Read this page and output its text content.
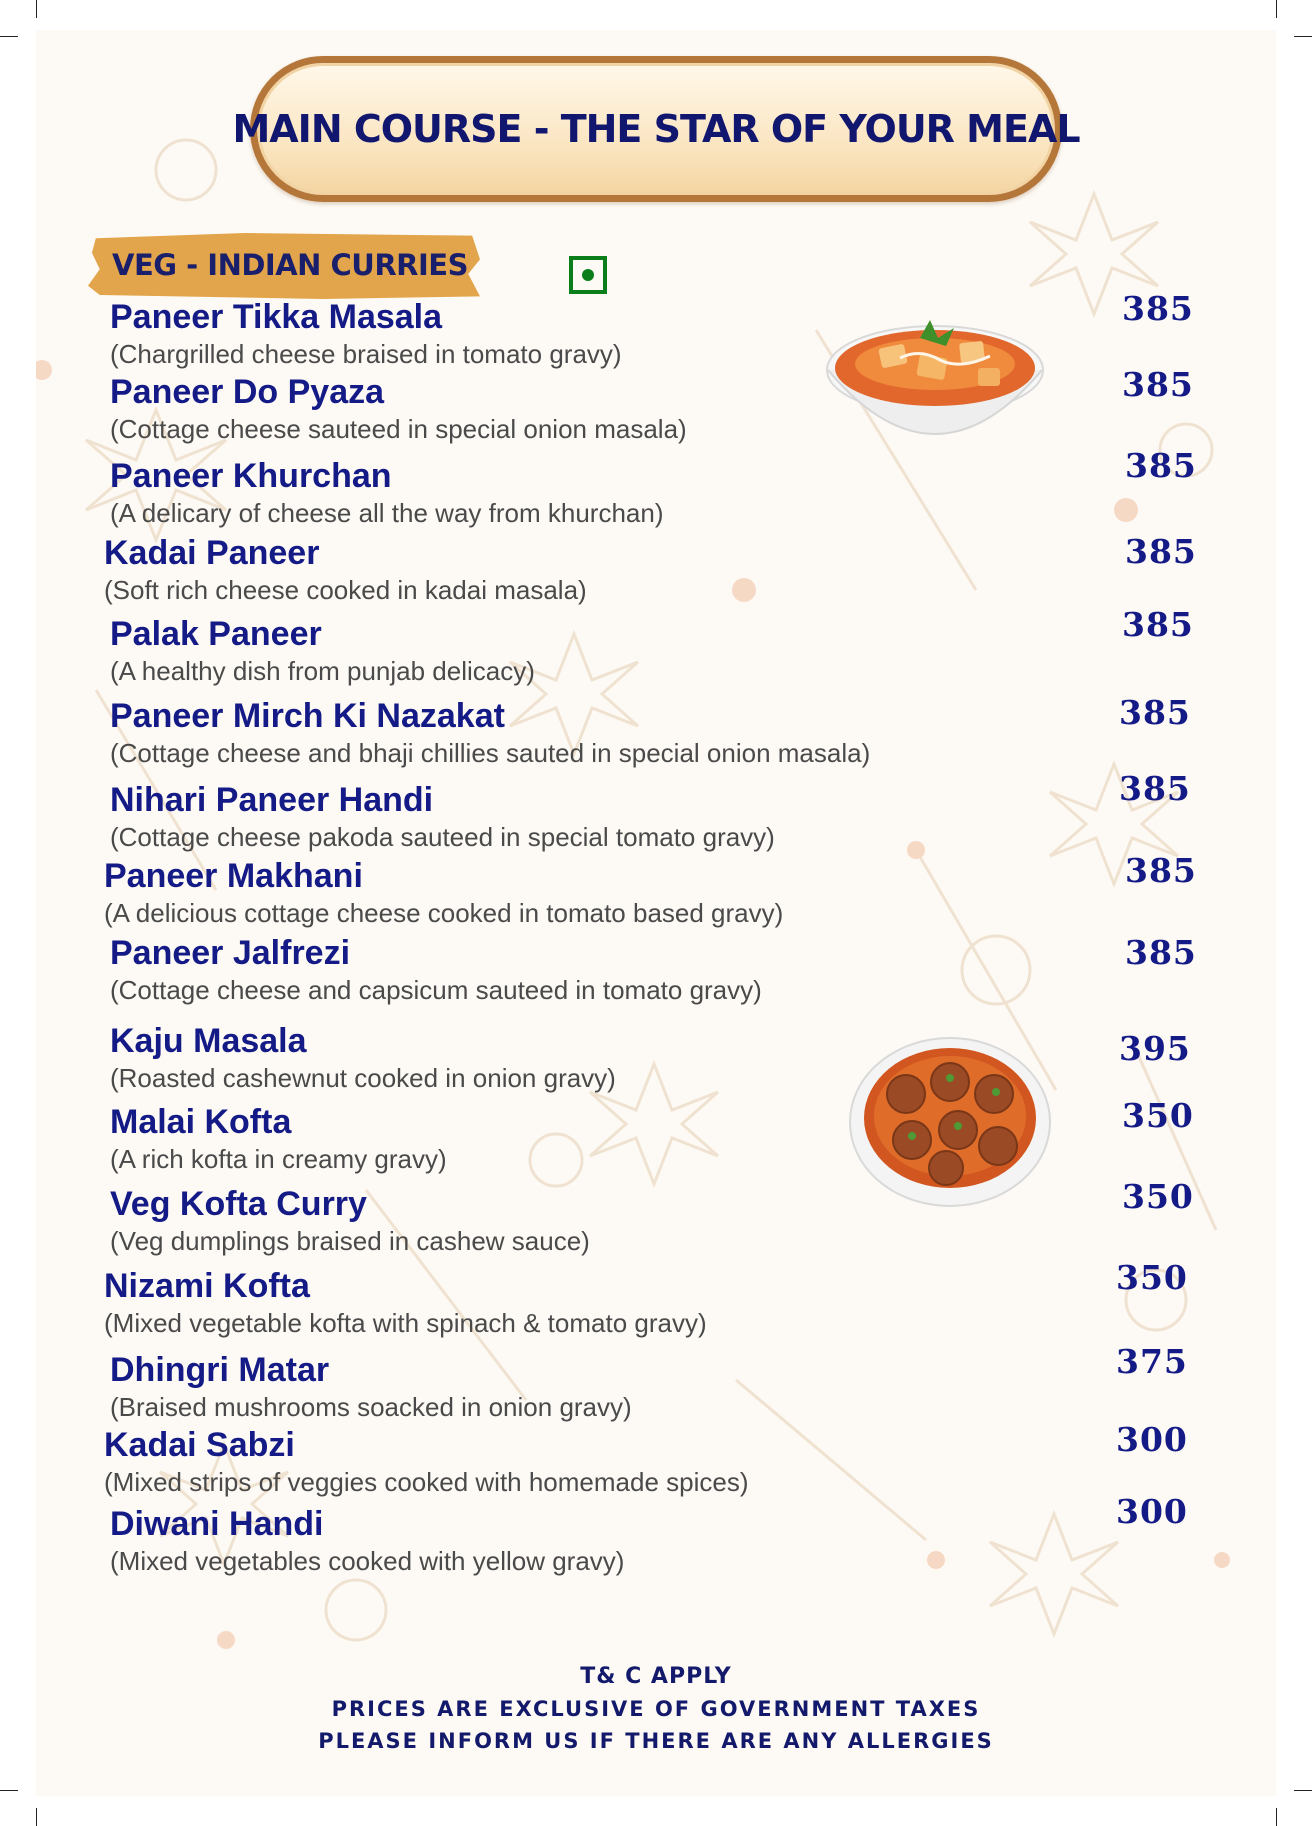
MAIN COURSE - THE STAR OF YOUR MEAL
VEG - INDIAN CURRIES
Paneer Tikka Masala
(Chargrilled cheese braised in tomato gravy)
Paneer Do Pyaza
(Cottage cheese sauteed in special onion masala)
Paneer Khurchan
(A delicary of cheese all the way from khurchan)
Kadai Paneer
(Soft rich cheese cooked in kadai masala)
Palak Paneer
(A healthy dish from punjab delicacy)
Paneer Mirch Ki Nazakat
(Cottage cheese and bhaji chillies sauted in special onion masala)
Nihari Paneer Handi
(Cottage cheese pakoda sauteed in special tomato gravy)
Paneer Makhani
(A delicious cottage cheese cooked in tomato based gravy)
Paneer Jalfrezi
(Cottage cheese and capsicum sauteed in tomato gravy)
Kaju Masala
(Roasted cashewnut cooked in onion gravy)
Malai Kofta
(A rich kofta in creamy gravy)
Veg Kofta Curry
(Veg dumplings braised in cashew sauce)
Nizami Kofta
(Mixed vegetable kofta with spinach & tomato gravy)
Dhingri Matar
(Braised mushrooms soacked in onion gravy)
Kadai Sabzi
(Mixed strips of veggies cooked with homemade spices)
Diwani Handi
(Mixed vegetables cooked with yellow gravy)
385
385
385
385
385
385
385
385
385
395
350
350
350
375
300
300
T& C APPLY
PRICES ARE EXCLUSIVE OF GOVERNMENT TAXES
PLEASE INFORM US IF THERE ARE ANY ALLERGIES
